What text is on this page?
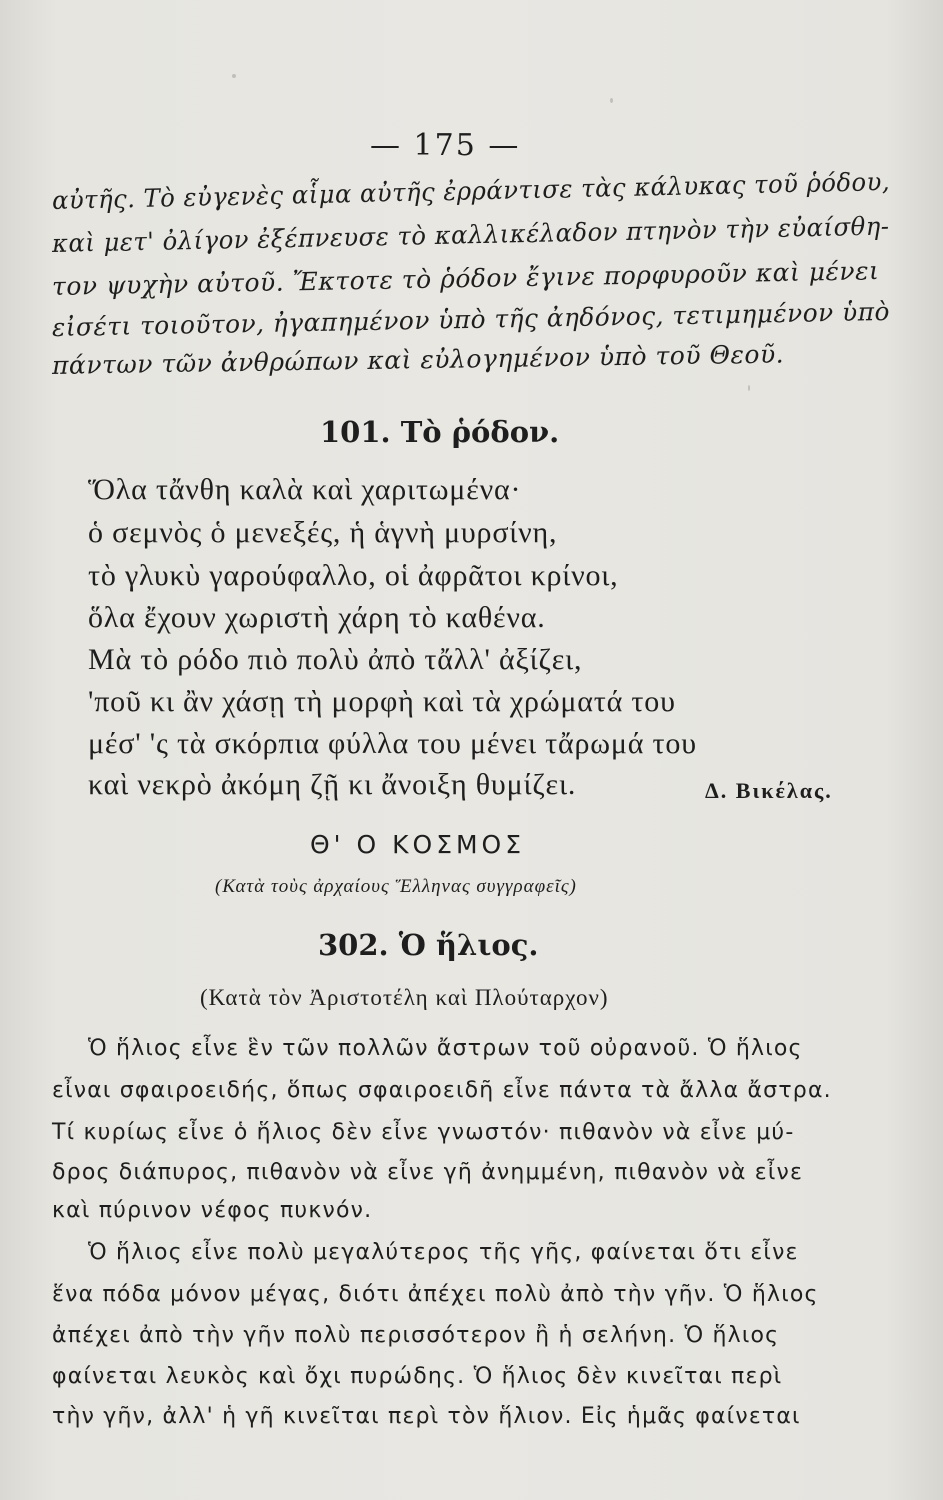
— 175 —
αὐτῆς. Τὸ εὐγενὲς αἷμα αὐτῆς ἐρράντισε τὰς κάλυκας τοῦ ῥόδου,
καὶ μετ' ὀλίγον ἐξέπνευσε τὸ καλλικέλαδον πτηνὸν τὴν εὐαίσθη-
τον ψυχὴν αὐτοῦ. Ἔκτοτε τὸ ῥόδον ἔγινε πορφυροῦν καὶ μένει
εἰσέτι τοιοῦτον, ἠγαπημένον ὑπὸ τῆς ἀηδόνος, τετιμημένον ὑπὸ
πάντων τῶν ἀνθρώπων καὶ εὐλογημένον ὑπὸ τοῦ Θεοῦ.
101. Τὸ ῥόδον.
Ὅλα τἄνθη καλὰ καὶ χαριτωμένα·
ὁ σεμνὸς ὁ μενεξές, ἡ ἁγνὴ μυρσίνη,
τὸ γλυκὺ γαρούφαλλο, οἱ ἀφρᾶτοι κρίνοι,
ὅλα ἔχουν χωριστὴ χάρη τὸ καθένα.
Μὰ τὸ ρόδο πιὸ πολὺ ἀπὸ τἄλλ' ἀξίζει,
'ποῦ κι ἂν χάσῃ τὴ μορφὴ καὶ τὰ χρώματά του
μέσ' 'ς τὰ σκόρπια φύλλα του μένει τἄρωμά του
καὶ νεκρὸ ἀκόμη ζῇ κι ἄνοιξη θυμίζει.	Δ. Βικέλας.
Θ' Ο ΚΟΣΜΟΣ
(Κατὰ τοὺς ἀρχαίους Ἕλληνας συγγραφεῖς)
302. Ὁ ἥλιος.
(Κατὰ τὸν Ἀριστοτέλη καὶ Πλούταρχον)
Ὁ ἥλιος εἶνε ἓν τῶν πολλῶν ἄστρων τοῦ οὐρανοῦ. Ὁ ἥλιος
εἶναι σφαιροειδής, ὅπως σφαιροειδῆ εἶνε πάντα τὰ ἄλλα ἄστρα.
Τί κυρίως εἶνε ὁ ἥλιος δὲν εἶνε γνωστόν· πιθανὸν νὰ εἶνε μύ-
δρος διάπυρος, πιθανὸν νὰ εἶνε γῆ ἀνημμένη, πιθανὸν νὰ εἶνε
καὶ πύρινον νέφος πυκνόν.
Ὁ ἥλιος εἶνε πολὺ μεγαλύτερος τῆς γῆς, φαίνεται ὅτι εἶνε
ἕνα πόδα μόνον μέγας, διότι ἀπέχει πολὺ ἀπὸ τὴν γῆν. Ὁ ἥλιος
ἀπέχει ἀπὸ τὴν γῆν πολὺ περισσότερον ἢ ἡ σελήνη. Ὁ ἥλιος
φαίνεται λευκὸς καὶ ὄχι πυρώδης. Ὁ ἥλιος δὲν κινεῖται περὶ
τὴν γῆν, ἀλλ' ἡ γῆ κινεῖται περὶ τὸν ἥλιον. Εἰς ἡμᾶς φαίνεται
